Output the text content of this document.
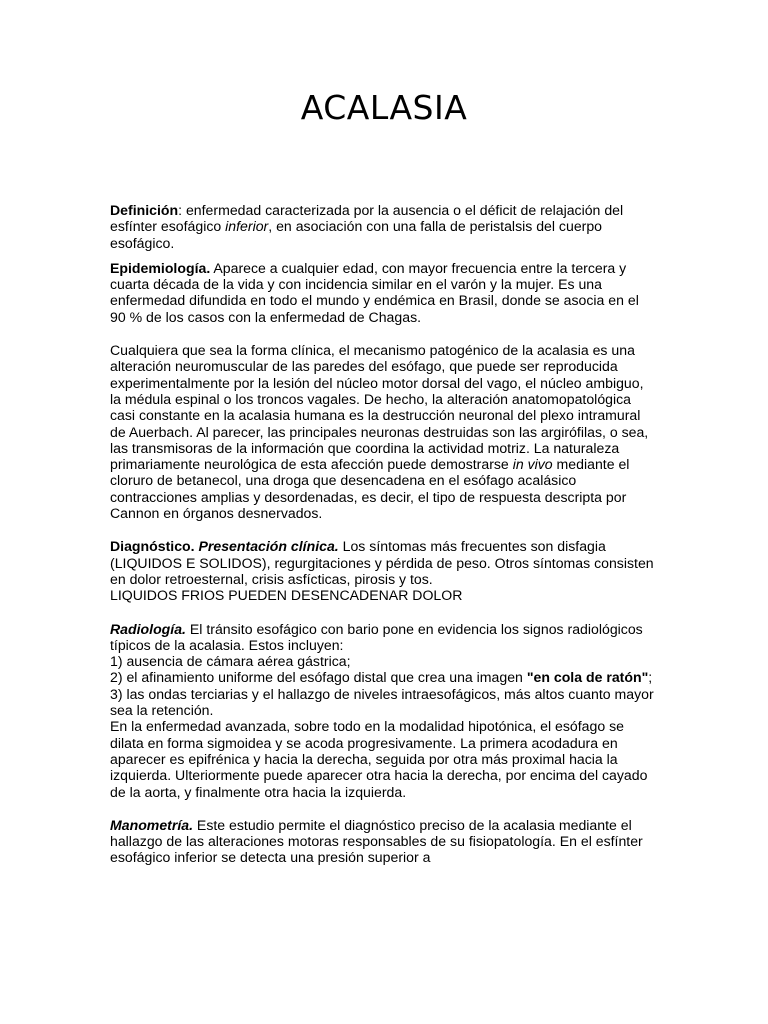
ACALASIA

Definición: enfermedad caracterizada por la ausencia o el déficit de relajación del esfínter esofágico inferior, en asociación con una falla de peristalsis del cuerpo esofágico.

Epidemiología. Aparece a cualquier edad, con mayor frecuencia entre la tercera y cuarta década de la vida y con incidencia similar en el varón y la mujer. Es una enfermedad difundida en todo el mundo y endémica en Brasil, donde se asocia en el 90 % de los casos con la enfermedad de Chagas.

Cualquiera que sea la forma clínica, el mecanismo patogénico de la acalasia es una alteración neuromuscular de las paredes del esófago, que puede ser reproducida experimentalmente por la lesión del núcleo motor dorsal del vago, el núcleo ambiguo, la médula espinal o los troncos vagales. De hecho, la alteración anatomopatológica casi constante en la acalasia humana es la destrucción neuronal del plexo intramural de Auerbach. Al parecer, las principales neuronas destruidas son las argirófilas, o sea, las transmisoras de la información que coordina la actividad motriz. La naturaleza primariamente neurológica de esta afección puede demostrarse in vivo mediante el cloruro de betanecol, una droga que desencadena en el esófago acalásico contracciones amplias y desordenadas, es decir, el tipo de respuesta descripta por Cannon en órganos desnervados.

Diagnóstico. Presentación clínica. Los síntomas más frecuentes son disfagia (LIQUIDOS E SOLIDOS), regurgitaciones y pérdida de peso. Otros síntomas consisten en dolor retroesternal, crisis asfícticas, pirosis y tos.
LIQUIDOS FRIOS PUEDEN DESENCADENAR DOLOR

Radiología. El tránsito esofágico con bario pone en evidencia los signos radiológicos típicos de la acalasia. Estos incluyen:
1) ausencia de cámara aérea gástrica;
2) el afinamiento uniforme del esófago distal que crea una imagen "en cola de ratón";
3) las ondas terciarias y el hallazgo de niveles intraesofágicos, más altos cuanto mayor sea la retención.
En la enfermedad avanzada, sobre todo en la modalidad hipotónica, el esófago se dilata en forma sigmoidea y se acoda progresivamente. La primera acodadura en aparecer es epifrénica y hacia la derecha, seguida por otra más proximal hacia la izquierda. Ulteriormente puede aparecer otra hacia la derecha, por encima del cayado de la aorta, y finalmente otra hacia la izquierda.

Manometría. Este estudio permite el diagnóstico preciso de la acalasia mediante el hallazgo de las alteraciones motoras responsables de su fisiopatología. En el esfínter esofágico inferior se detecta una presión superior a
